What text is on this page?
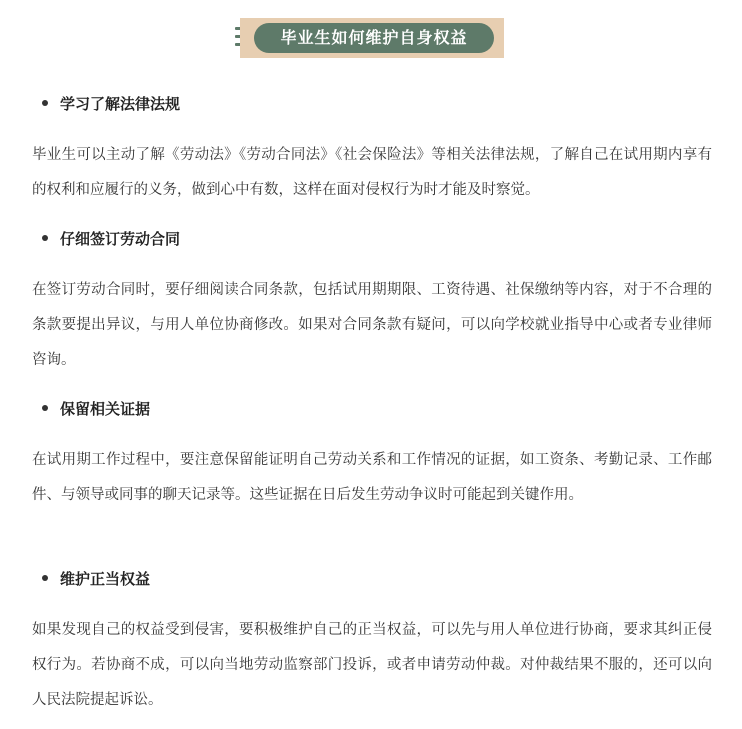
毕业生如何维护自身权益
学习了解法律法规
毕业生可以主动了解《劳动法》《劳动合同法》《社会保险法》等相关法律法规，了解自己在试用期内享有的权利和应履行的义务，做到心中有数，这样在面对侵权行为时才能及时察觉。
仔细签订劳动合同
在签订劳动合同时，要仔细阅读合同条款，包括试用期期限、工资待遇、社保缴纳等内容，对于不合理的条款要提出异议，与用人单位协商修改。如果对合同条款有疑问，可以向学校就业指导中心或者专业律师咨询。
保留相关证据
在试用期工作过程中，要注意保留能证明自己劳动关系和工作情况的证据，如工资条、考勤记录、工作邮件、与领导或同事的聊天记录等。这些证据在日后发生劳动争议时可能起到关键作用。
维护正当权益
如果发现自己的权益受到侵害，要积极维护自己的正当权益，可以先与用人单位进行协商，要求其纠正侵权行为。若协商不成，可以向当地劳动监察部门投诉，或者申请劳动仲裁。对仲裁结果不服的，还可以向人民法院提起诉讼。
